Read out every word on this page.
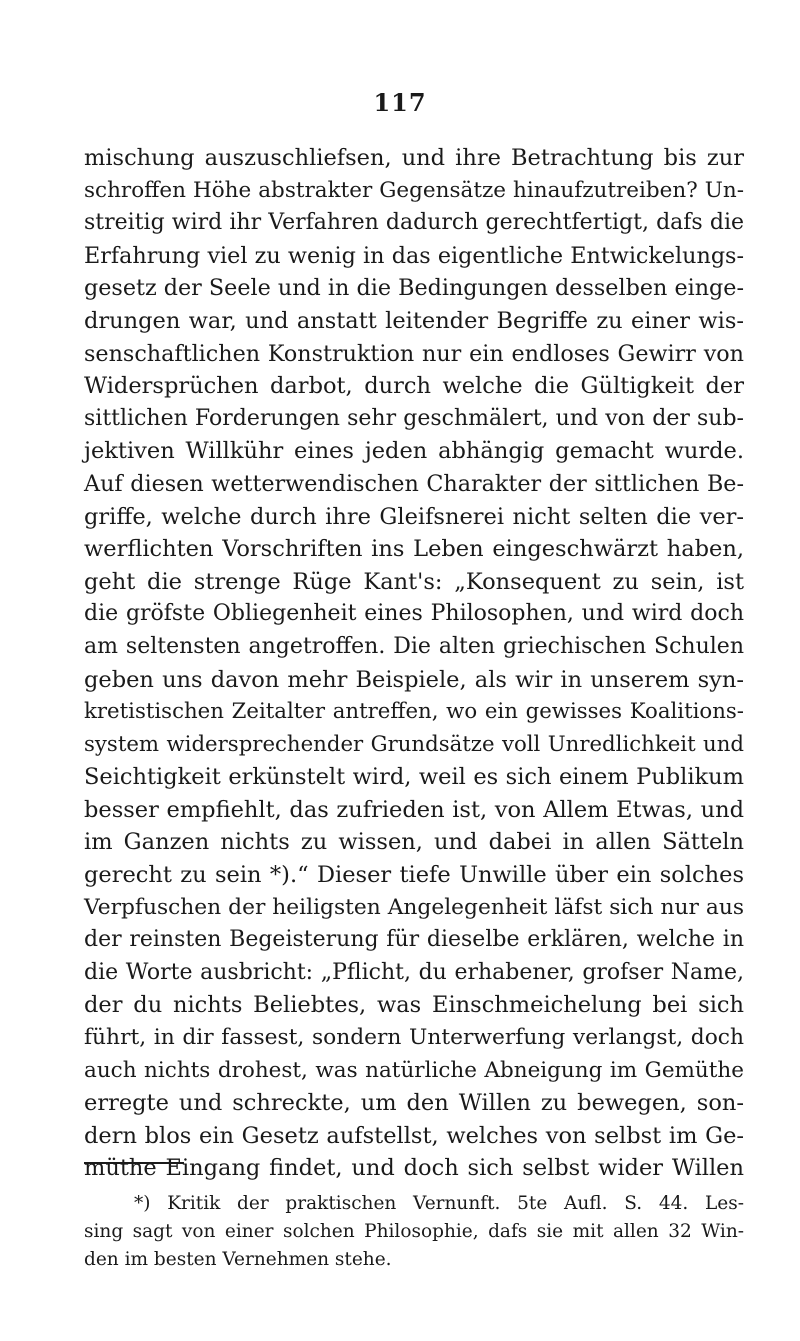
117
mischung auszuschliefsen, und ihre Betrachtung bis zur
schroffen Höhe abstrakter Gegensätze hinaufzutreiben? Un-
streitig wird ihr Verfahren dadurch gerechtfertigt, dafs die
Erfahrung viel zu wenig in das eigentliche Entwickelungs-
gesetz der Seele und in die Bedingungen desselben einge-
drungen war, und anstatt leitender Begriffe zu einer wis-
senschaftlichen Konstruktion nur ein endloses Gewirr von
Widersprüchen darbot, durch welche die Gültigkeit der
sittlichen Forderungen sehr geschmälert, und von der sub-
jektiven Willkühr eines jeden abhängig gemacht wurde.
Auf diesen wetterwendischen Charakter der sittlichen Be-
griffe, welche durch ihre Gleifsnerei nicht selten die ver-
werflichten Vorschriften ins Leben eingeschwärzt haben,
geht die strenge Rüge Kant's: „Konsequent zu sein, ist
die gröfste Obliegenheit eines Philosophen, und wird doch
am seltensten angetroffen. Die alten griechischen Schulen
geben uns davon mehr Beispiele, als wir in unserem syn-
kretistischen Zeitalter antreffen, wo ein gewisses Koalitions-
system widersprechender Grundsätze voll Unredlichkeit und
Seichtigkeit erkünstelt wird, weil es sich einem Publikum
besser empfiehlt, das zufrieden ist, von Allem Etwas, und
im Ganzen nichts zu wissen, und dabei in allen Sätteln
gerecht zu sein *).“ Dieser tiefe Unwille über ein solches
Verpfuschen der heiligsten Angelegenheit läfst sich nur aus
der reinsten Begeisterung für dieselbe erklären, welche in
die Worte ausbricht: „Pflicht, du erhabener, grofser Name,
der du nichts Beliebtes, was Einschmeichelung bei sich
führt, in dir fassest, sondern Unterwerfung verlangst, doch
auch nichts drohest, was natürliche Abneigung im Gemüthe
erregte und schreckte, um den Willen zu bewegen, son-
dern blos ein Gesetz aufstellst, welches von selbst im Ge-
müthe Eingang findet, und doch sich selbst wider Willen
*) Kritik der praktischen Vernunft. 5te Aufl. S. 44. Les-
sing sagt von einer solchen Philosophie, dafs sie mit allen 32 Win-
den im besten Vernehmen stehe.
